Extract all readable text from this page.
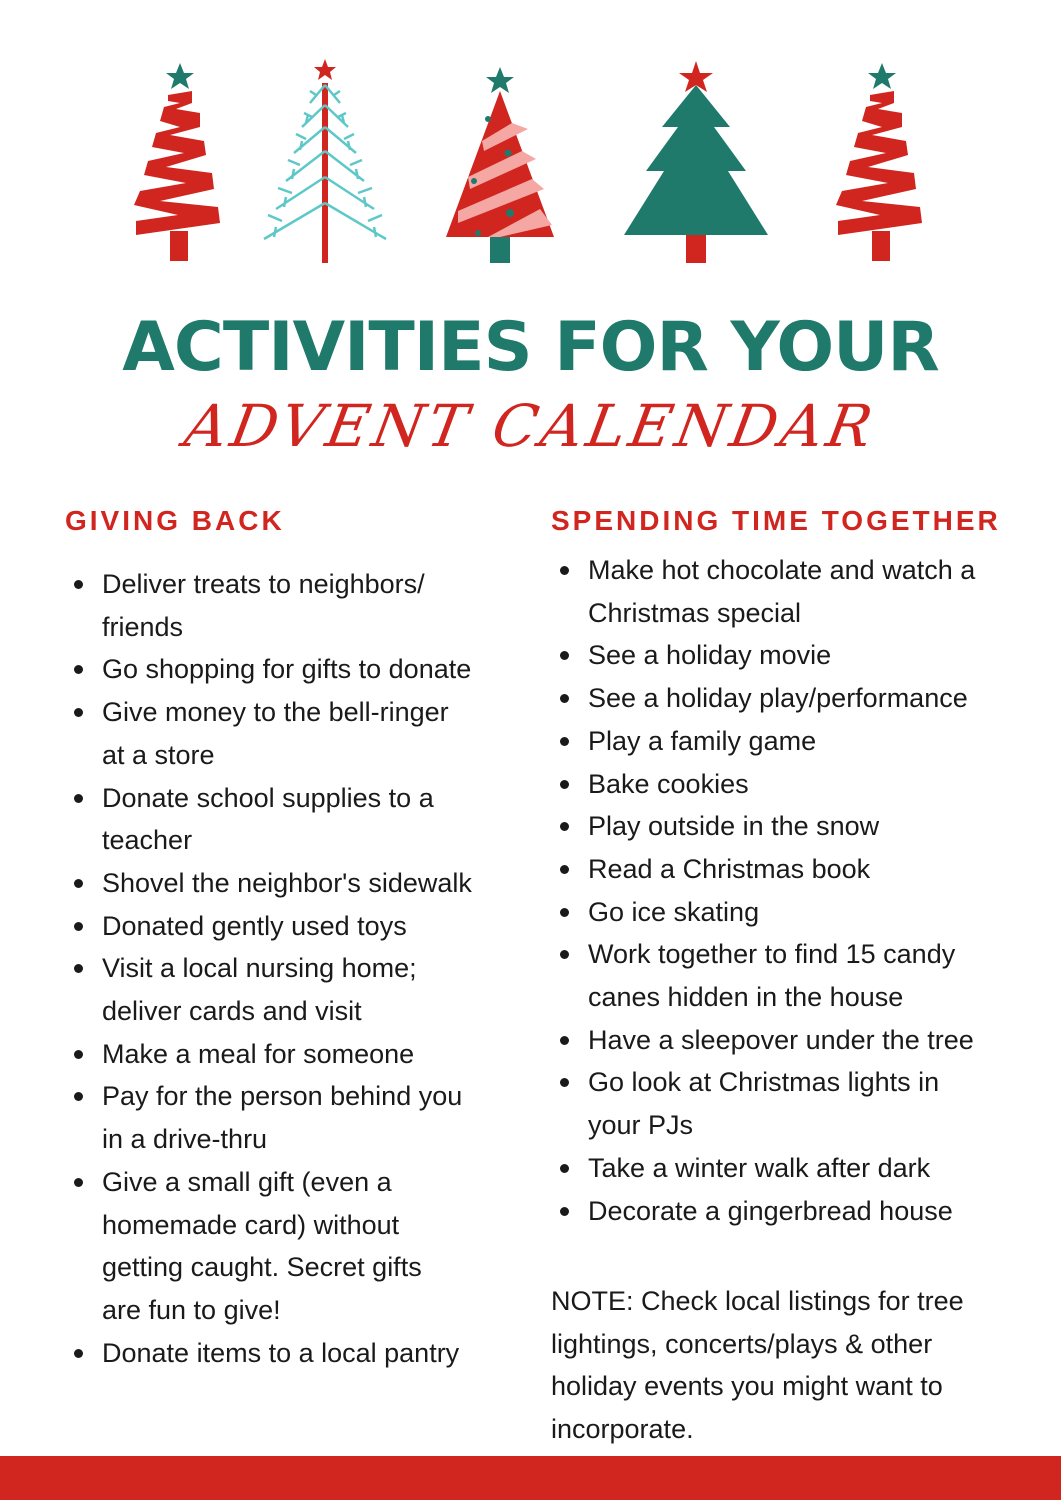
ACTIVITIES FOR YOUR
ADVENT CALENDAR
GIVING BACK
Deliver treats to neighbors/
friends
Go shopping for gifts to donate
Give money to the bell-ringer
at a store
Donate school supplies to a
teacher
Shovel the neighbor's sidewalk
Donated gently used toys
Visit a local nursing home;
deliver cards and visit
Make a meal for someone
Pay for the person behind you
in a drive-thru
Give a small gift (even a
homemade card) without
getting caught. Secret gifts
are fun to give!
Donate items to a local pantry
SPENDING TIME TOGETHER
Make hot chocolate and watch a
Christmas special
See a holiday movie
See a holiday play/performance
Play a family game
Bake cookies
Play outside in the snow
Read a Christmas book
Go ice skating
Work together to find 15 candy
canes hidden in the house
Have a sleepover under the tree
Go look at Christmas lights in
your PJs
Take a winter walk after dark
Decorate a gingerbread house
NOTE: Check local listings for tree lightings, concerts/plays & other holiday events you might want to incorporate.
